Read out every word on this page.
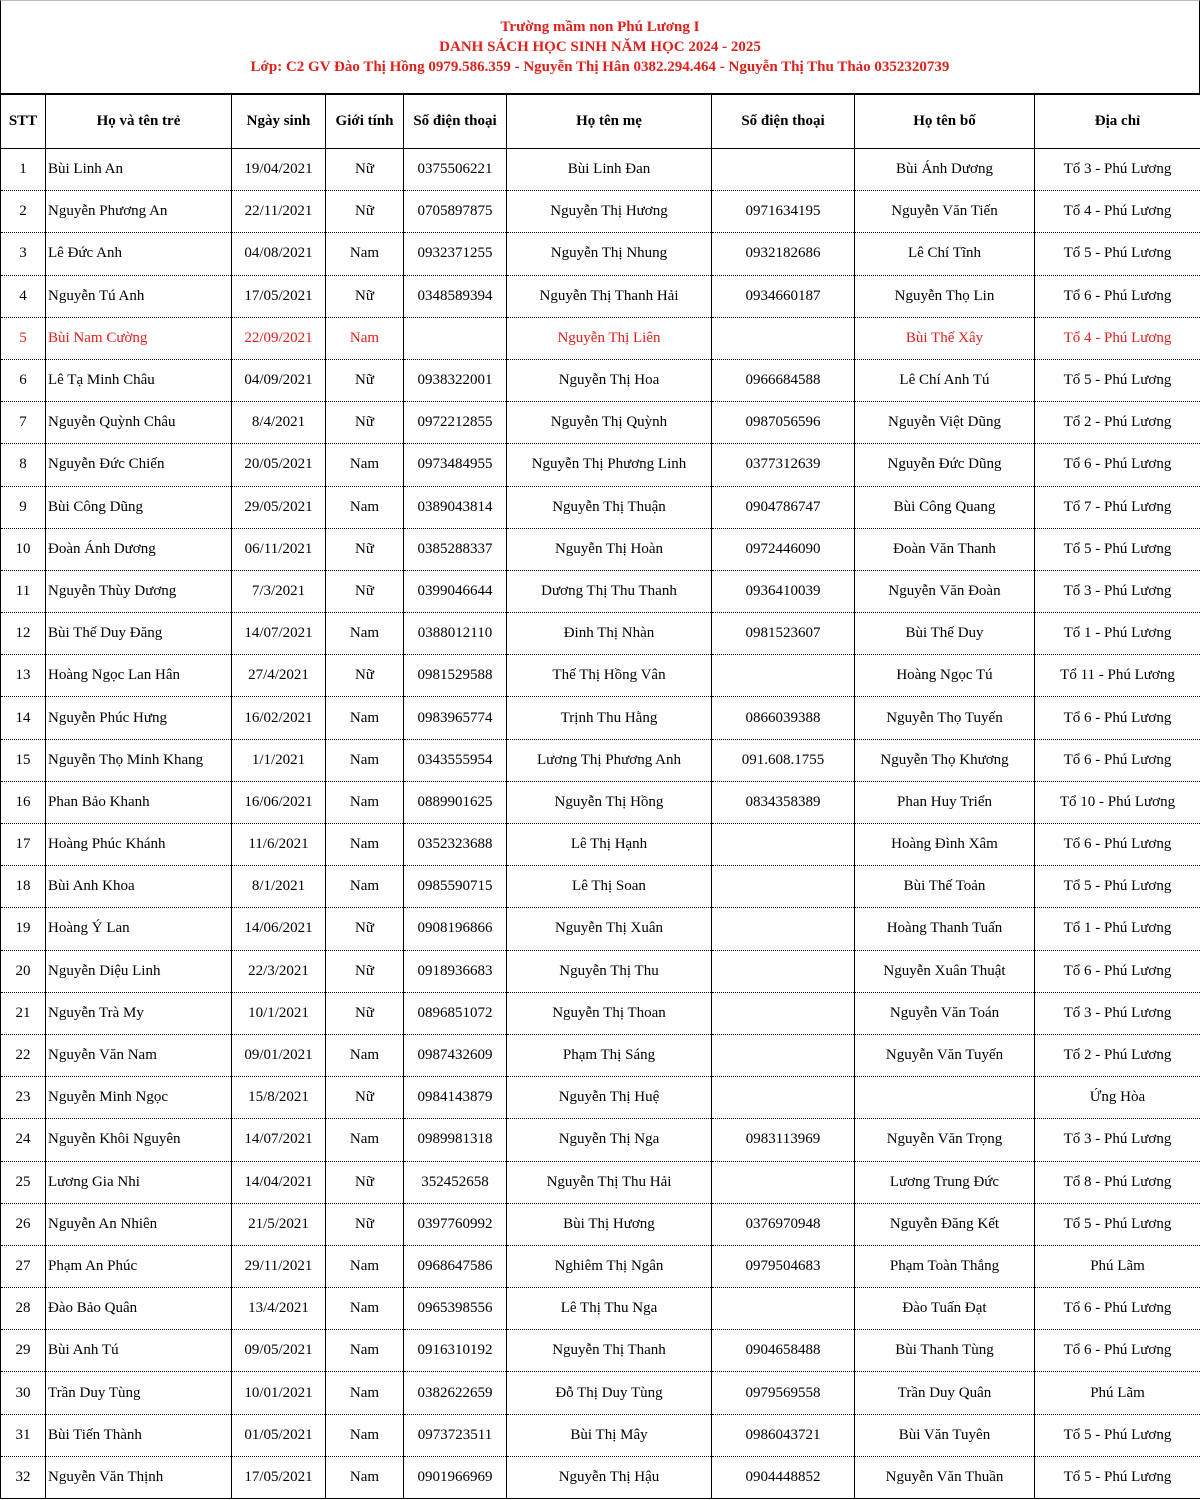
Trường mầm non Phú Lương I
DANH SÁCH HỌC SINH NĂM HỌC 2024 - 2025
Lớp: C2 GV Đào Thị Hồng 0979.586.359 - Nguyễn Thị Hân 0382.294.464 - Nguyễn Thị Thu Thảo 0352320739
STT	Họ và tên trẻ	Ngày sinh	Giới tính	Số điện thoại	Họ tên mẹ	Số điện thoại	Họ tên bố	Địa chỉ
1	Bùi Linh An	19/04/2021	Nữ	0375506221	Bùi Linh Đan		Bùi Ánh Dương	Tổ 3 - Phú Lương
2	Nguyễn Phương An	22/11/2021	Nữ	0705897875	Nguyễn Thị Hương	0971634195	Nguyễn Văn Tiến	Tổ 4 - Phú Lương
3	Lê Đức Anh	04/08/2021	Nam	0932371255	Nguyễn Thị Nhung	0932182686	Lê Chí Tĩnh	Tổ 5 - Phú Lương
4	Nguyễn Tú Anh	17/05/2021	Nữ	0348589394	Nguyễn Thị Thanh Hải	0934660187	Nguyễn Thọ Lin	Tổ 6 - Phú Lương
5	Bùi Nam Cường	22/09/2021	Nam		Nguyễn Thị Liên		Bùi Thế Xây	Tổ 4 - Phú Lương
6	Lê Tạ Minh Châu	04/09/2021	Nữ	0938322001	Nguyễn Thị Hoa	0966684588	Lê Chí Anh Tú	Tổ 5 - Phú Lương
7	Nguyễn Quỳnh Châu	8/4/2021	Nữ	0972212855	Nguyễn Thị Quỳnh	0987056596	Nguyễn Việt Dũng	Tổ 2 - Phú Lương
8	Nguyễn Đức Chiến	20/05/2021	Nam	0973484955	Nguyễn Thị Phương Linh	0377312639	Nguyễn Đức Dũng	Tổ 6 - Phú Lương
9	Bùi Công Dũng	29/05/2021	Nam	0389043814	Nguyễn Thị Thuận	0904786747	Bùi Công Quang	Tổ 7 - Phú Lương
10	Đoàn Ánh Dương	06/11/2021	Nữ	0385288337	Nguyễn Thị Hoàn	0972446090	Đoàn Văn Thanh	Tổ 5 - Phú Lương
11	Nguyễn Thùy Dương	7/3/2021	Nữ	0399046644	Dương Thị Thu Thanh	0936410039	Nguyễn Văn Đoàn	Tổ 3 - Phú Lương
12	Bùi Thế Duy Đăng	14/07/2021	Nam	0388012110	Đinh Thị Nhàn	0981523607	Bùi Thế Duy	Tổ 1 - Phú Lương
13	Hoàng Ngọc Lan Hân	27/4/2021	Nữ	0981529588	Thế Thị Hồng Vân		Hoàng Ngọc Tú	Tổ 11 - Phú Lương
14	Nguyễn Phúc Hưng	16/02/2021	Nam	0983965774	Trịnh Thu Hằng	0866039388	Nguyễn Thọ Tuyến	Tổ 6 - Phú Lương
15	Nguyễn Thọ Minh Khang	1/1/2021	Nam	0343555954	Lương Thị Phương Anh	091.608.1755	Nguyễn Thọ Khương	Tổ 6 - Phú Lương
16	Phan Bảo Khanh	16/06/2021	Nam	0889901625	Nguyễn Thị Hồng	0834358389	Phan Huy Triển	Tổ 10 - Phú Lương
17	Hoàng Phúc Khánh	11/6/2021	Nam	0352323688	Lê Thị Hạnh		Hoàng Đình Xâm	Tổ 6 - Phú Lương
18	Bùi Anh Khoa	8/1/2021	Nam	0985590715	Lê Thị Soan		Bùi Thế Toản	Tổ 5 - Phú Lương
19	Hoàng Ý Lan	14/06/2021	Nữ	0908196866	Nguyễn Thị Xuân		Hoàng Thanh Tuấn	Tổ 1 - Phú Lương
20	Nguyễn Diệu Linh	22/3/2021	Nữ	0918936683	Nguyễn Thị Thu		Nguyễn Xuân Thuật	Tổ 6 - Phú Lương
21	Nguyễn Trà My	10/1/2021	Nữ	0896851072	Nguyễn Thị Thoan		Nguyễn Văn Toán	Tổ 3 - Phú Lương
22	Nguyễn Văn Nam	09/01/2021	Nam	0987432609	Phạm Thị Sáng		Nguyễn Văn Tuyến	Tổ 2 - Phú Lương
23	Nguyễn Minh Ngọc	15/8/2021	Nữ	0984143879	Nguyễn Thị Huệ			Ứng Hòa
24	Nguyễn Khôi Nguyên	14/07/2021	Nam	0989981318	Nguyễn Thị Nga	0983113969	Nguyễn Văn Trọng	Tổ 3 - Phú Lương
25	Lương Gia Nhi	14/04/2021	Nữ	352452658	Nguyễn Thị Thu Hải		Lương Trung Đức	Tổ 8 - Phú Lương
26	Nguyễn An Nhiên	21/5/2021	Nữ	0397760992	Bùi Thị Hương	0376970948	Nguyễn Đăng Kết	Tổ 5 - Phú Lương
27	Phạm An Phúc	29/11/2021	Nam	0968647586	Nghiêm Thị Ngân	0979504683	Phạm Toàn Thắng	Phú Lãm
28	Đào Bảo Quân	13/4/2021	Nam	0965398556	Lê Thị Thu Nga		Đào Tuấn Đạt	Tổ 6 - Phú Lương
29	Bùi Anh Tú	09/05/2021	Nam	0916310192	Nguyễn Thị Thanh	0904658488	Bùi Thanh Tùng	Tổ 6 - Phú Lương
30	Trần Duy Tùng	10/01/2021	Nam	0382622659	Đỗ Thị Duy Tùng	0979569558	Trần Duy Quân	Phú Lãm
31	Bùi Tiến Thành	01/05/2021	Nam	0973723511	Bùi Thị Mây	0986043721	Bùi Văn Tuyên	Tổ 5 - Phú Lương
32	Nguyễn Văn Thịnh	17/05/2021	Nam	0901966969	Nguyễn Thị Hậu	0904448852	Nguyễn Văn Thuần	Tổ 5 - Phú Lương
